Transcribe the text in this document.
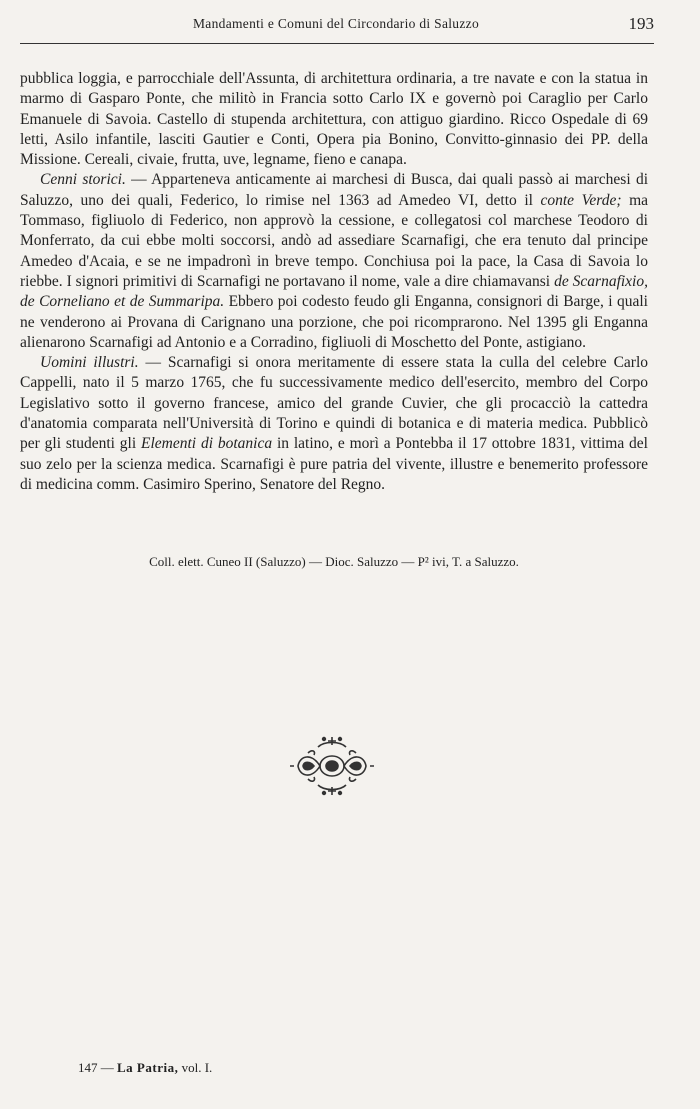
Mandamenti e Comuni del Circondario di Saluzzo	193

pubblica loggia, e parrocchiale dell'Assunta, di architettura ordinaria, a tre navate e con la statua in marmo di Gasparo Ponte, che militò in Francia sotto Carlo IX e governò poi Caraglio per Carlo Emanuele di Savoia. Castello di stupenda architettura, con attiguo giardino. Ricco Ospedale di 69 letti, Asilo infantile, lasciti Gautier e Conti, Opera pia Bonino, Convitto-ginnasio dei PP. della Missione. Cereali, civaie, frutta, uve, legname, fieno e canapa.

Cenni storici. — Apparteneva anticamente ai marchesi di Busca, dai quali passò ai marchesi di Saluzzo, uno dei quali, Federico, lo rimise nel 1363 ad Amedeo VI, detto il conte Verde; ma Tommaso, figliuolo di Federico, non approvò la cessione, e collegatosi col marchese Teodoro di Monferrato, da cui ebbe molti soccorsi, andò ad assediare Scarnafigi, che era tenuto dal principe Amedeo d'Acaia, e se ne impadronì in breve tempo. Conchiusa poi la pace, la Casa di Savoia lo riebbe. I signori primitivi di Scarnafigi ne portavano il nome, vale a dire chiamavansi de Scarnafixio, de Corneliano et de Summaripa. Ebbero poi codesto feudo gli Enganna, consignori di Barge, i quali ne venderono ai Provana di Carignano una porzione, che poi ricomprarono. Nel 1395 gli Enganna alienarono Scarnafigi ad Antonio e a Corradino, figliuoli di Moschetto del Ponte, astigiano.

Uomini illustri. — Scarnafigi si onora meritamente di essere stata la culla del celebre Carlo Cappelli, nato il 5 marzo 1765, che fu successivamente medico dell'esercito, membro del Corpo Legislativo sotto il governo francese, amico del grande Cuvier, che gli procacciò la cattedra d'anatomia comparata nell'Università di Torino e quindi di botanica e di materia medica. Pubblicò per gli studenti gli Elementi di botanica in latino, e morì a Pontebba il 17 ottobre 1831, vittima del suo zelo per la scienza medica. Scarnafigi è pure patria del vivente, illustre e benemerito professore di medicina comm. Casimiro Sperino, Senatore del Regno.

Coll. elett. Cuneo II (Saluzzo) — Dioc. Saluzzo — P² ivi, T. a Saluzzo.
147 — La Patria, vol. I.
